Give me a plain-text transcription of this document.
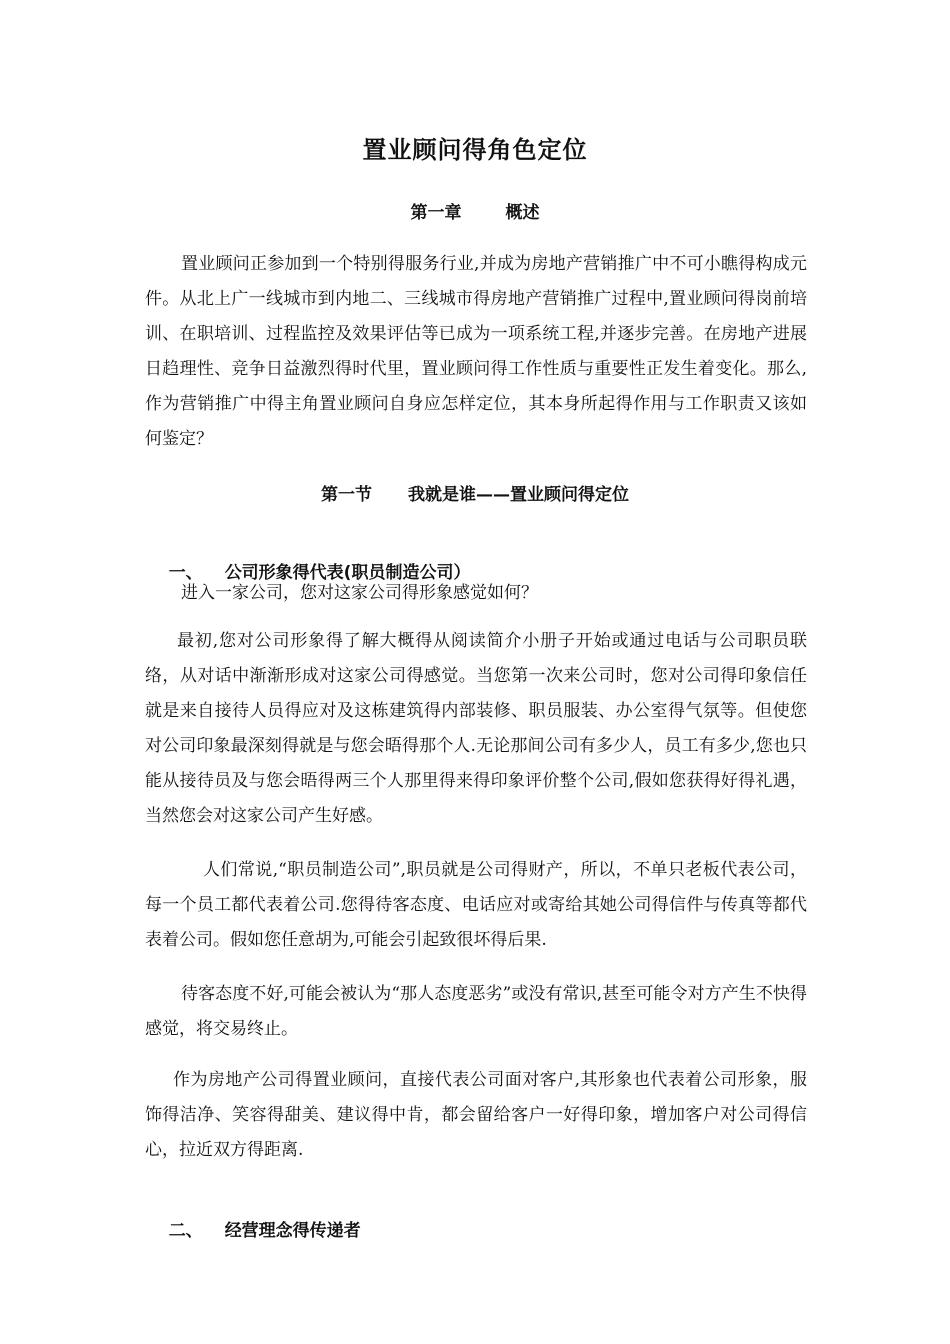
置业顾问得角色定位
第一章	概述

置业顾问正参加到一个特别得服务行业,并成为房地产营销推广中不可小瞧得构成元件。从北上广一线城市到内地二、三线城市得房地产营销推广过程中,置业顾问得岗前培训、在职培训、过程监控及效果评估等已成为一项系统工程,并逐步完善。在房地产进展日趋理性、竞争日益激烈得时代里，置业顾问得工作性质与重要性正发生着变化。那么,作为营销推广中得主角置业顾问自身应怎样定位，其本身所起得作用与工作职责又该如何鉴定？

第一节 我就是谁——置业顾问得定位

一、 公司形象得代表(职员制造公司）

进入一家公司，您对这家公司得形象感觉如何？

最初,您对公司形象得了解大概得从阅读简介小册子开始或通过电话与公司职员联络，从对话中渐渐形成对这家公司得感觉。当您第一次来公司时，您对公司得印象信任就是来自接待人员得应对及这栋建筑得内部装修、职员服装、办公室得气氛等。但使您对公司印象最深刻得就是与您会晤得那个人.无论那间公司有多少人，员工有多少,您也只能从接待员及与您会晤得两三个人那里得来得印象评价整个公司,假如您获得好得礼遇，当然您会对这家公司产生好感。

人们常说,“职员制造公司”,职员就是公司得财产，所以，不单只老板代表公司，每一个员工都代表着公司.您得待客态度、电话应对或寄给其她公司得信件与传真等都代表着公司。假如您任意胡为,可能会引起致很坏得后果.

待客态度不好,可能会被认为“那人态度恶劣”或没有常识,甚至可能令对方产生不快得感觉，将交易终止。

作为房地产公司得置业顾问，直接代表公司面对客户,其形象也代表着公司形象，服饰得洁净、笑容得甜美、建议得中肯，都会留给客户一好得印象，增加客户对公司得信心，拉近双方得距离.

二、 经营理念得传递者
